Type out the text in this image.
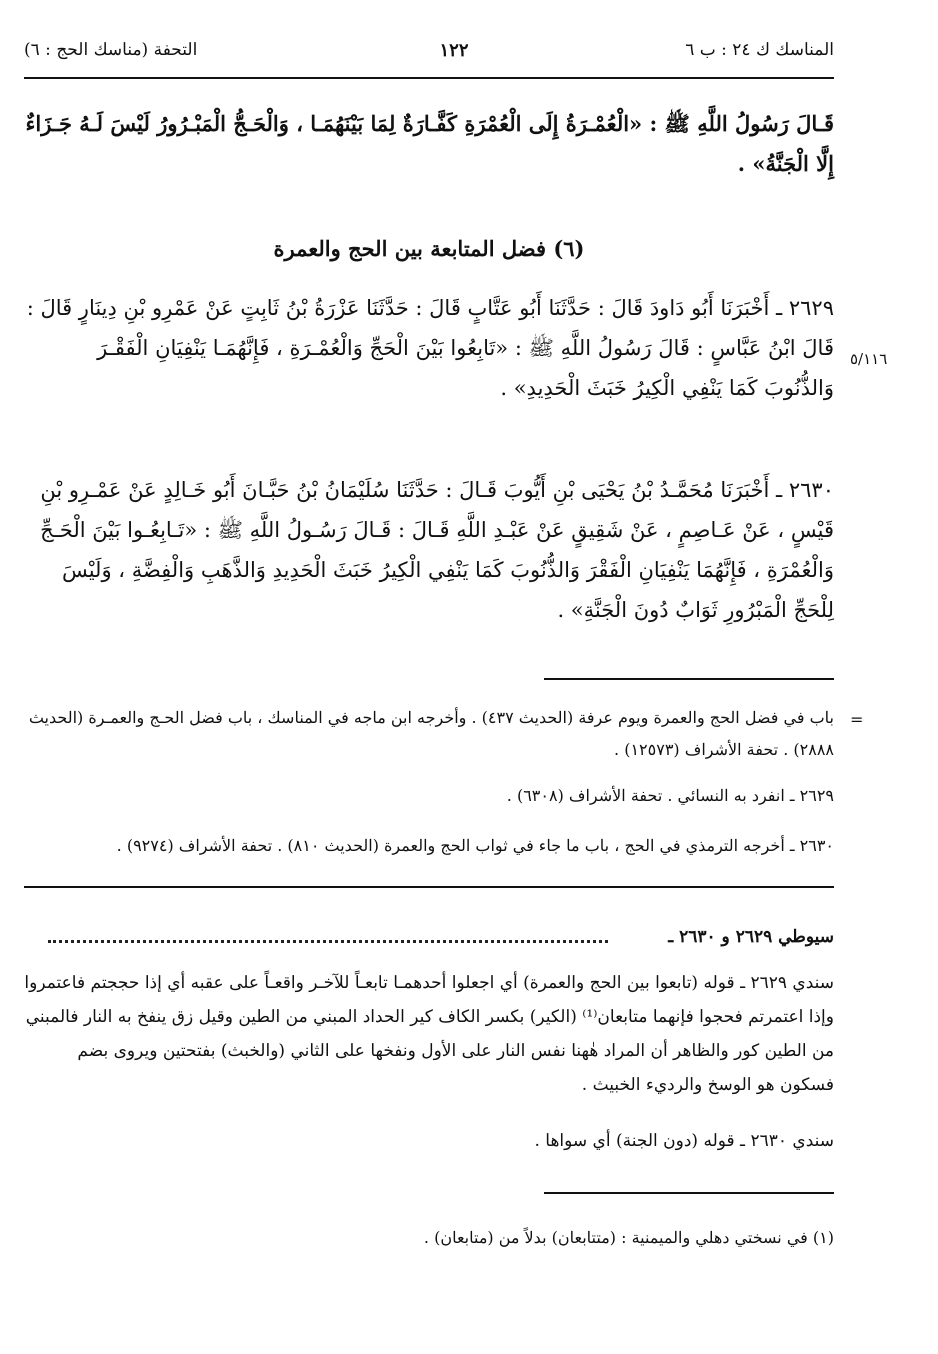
المناسك ك ٢٤ : ب ٦
١٢٢
التحفة (مناسك الحج : ٦)
قَـالَ رَسُولُ اللَّهِ ﷺ : «الْعُمْـرَةُ إِلَى الْعُمْرَةِ كَفَّـارَةٌ لِمَا بَيْنَهُمَـا ، وَالْحَـجُّ الْمَبْـرُورُ لَيْسَ لَـهُ جَـزَاءٌ إِلَّا الْجَنَّةُ» .
(٦) فضل المتابعة بين الحج والعمرة
٥/١١٦
٢٦٢٩ ـ أَخْبَرَنَا أَبُو دَاودَ قَالَ : حَدَّثَنَا أَبُو عَتَّابٍ قَالَ : حَدَّثَنَا عَزْرَةُ بْنُ ثَابِتٍ عَنْ عَمْرِو بْنِ دِينَارٍ قَالَ : قَالَ ابْنُ عَبَّاسٍ : قَالَ رَسُولُ اللَّهِ ﷺ : «تَابِعُوا بَيْنَ الْحَجِّ وَالْعُمْـرَةِ ، فَإِنَّهُمَـا يَنْفِيَانِ الْفَقْـرَ وَالذُّنُوبَ كَمَا يَنْفِي الْكِيرُ خَبَثَ الْحَدِيدِ» .
٢٦٣٠ ـ أَخْبَرَنَا مُحَمَّـدُ بْنُ يَحْيَى بْنِ أَيُّوبَ قَـالَ : حَدَّثَنَا سُلَيْمَانُ بْنُ حَبَّـانَ أَبُو خَـالِدٍ عَنْ عَمْـرِو بْنِ قَيْسٍ ، عَنْ عَـاصِمٍ ، عَنْ شَقِيقٍ عَنْ عَبْـدِ اللَّهِ قَـالَ : قَـالَ رَسُـولُ اللَّهِ ﷺ : «تَـابِعُـوا بَيْنَ الْحَـجِّ وَالْعُمْرَةِ ، فَإِنَّهُمَا يَنْفِيَانِ الْفَقْرَ وَالذُّنُوبَ كَمَا يَنْفِي الْكِيرُ خَبَثَ الْحَدِيدِ وَالذَّهَبِ وَالْفِضَّةِ ، وَلَيْسَ لِلْحَجِّ الْمَبْرُورِ ثَوَابٌ دُونَ الْجَنَّةِ» .
=
باب في فضل الحج والعمرة ويوم عرفة (الحديث ٤٣٧) . وأخرجه ابن ماجه في المناسك ، باب فضل الحـج والعمـرة (الحديث ٢٨٨٨) . تحفة الأشراف (١٢٥٧٣) .
٢٦٢٩ ـ انفرد به النسائي . تحفة الأشراف (٦٣٠٨) .
٢٦٣٠ ـ أخرجه الترمذي في الحج ، باب ما جاء في ثواب الحج والعمرة (الحديث ٨١٠) . تحفة الأشراف (٩٢٧٤) .
سيوطي ٢٦٢٩ و ٢٦٣٠ ـ
سندي ٢٦٢٩ ـ قوله (تابعوا بين الحج والعمرة) أي اجعلوا أحدهمـا تابعـاً للآخـر واقعـاً على عقبه أي إذا حججتم فاعتمروا وإذا اعتمرتم فحجوا فإنهما متابعان⁽¹⁾ (الكير) بكسر الكاف كير الحداد المبني من الطين وقيل زق ينفخ به النار فالمبني من الطين كور والظاهر أن المراد هٰهنا نفس النار على الأول ونفخها على الثاني (والخبث) بفتحتين ويروى بضم فسكون هو الوسخ والرديء الخبيث .
سندي ٢٦٣٠ ـ قوله (دون الجنة) أي سواها .
(١) في نسختي دهلي والميمنية : (متتابعان) بدلاً من (متابعان) .
